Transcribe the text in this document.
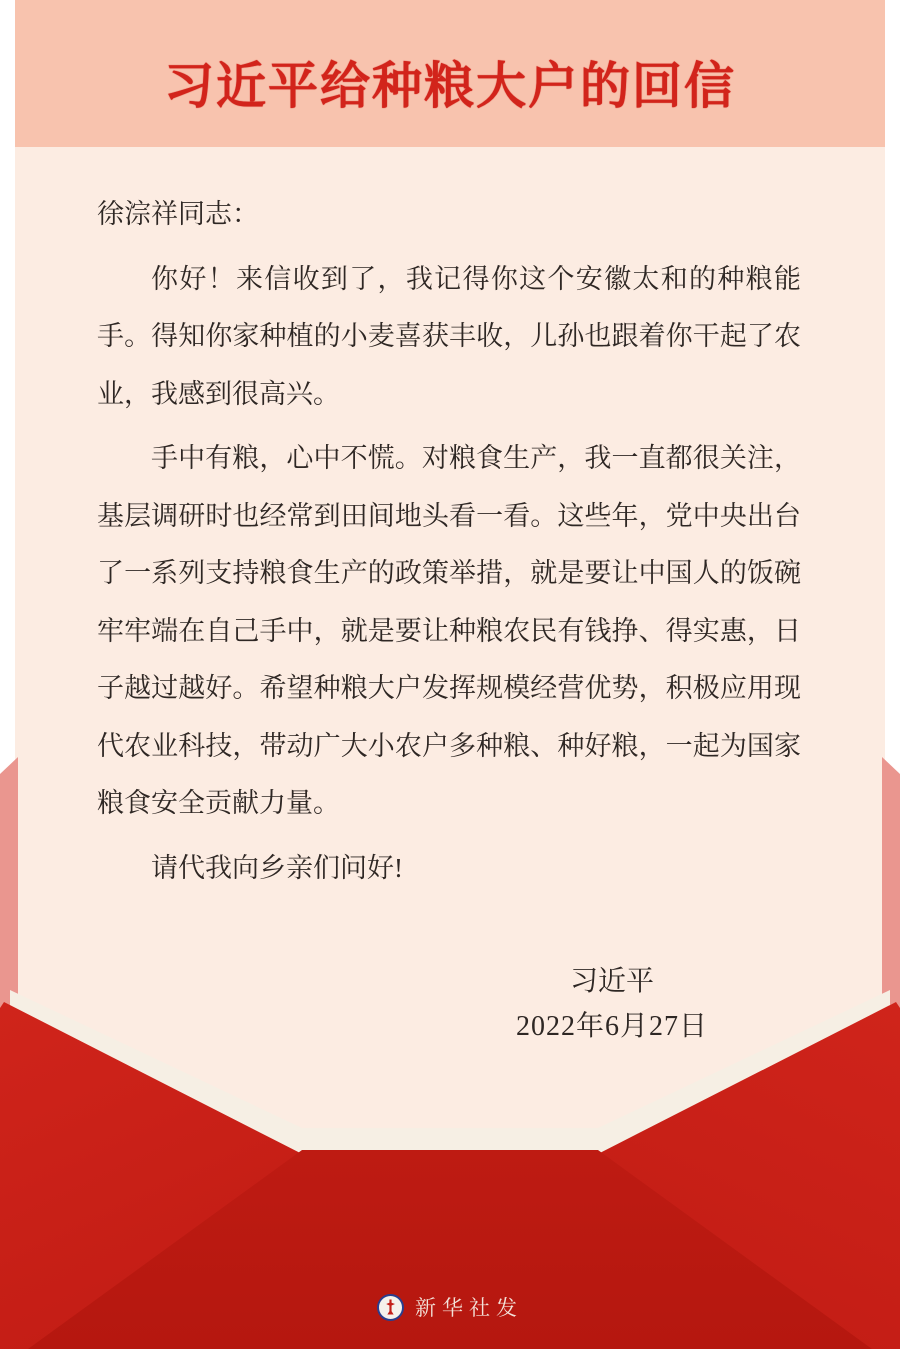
习近平给种粮大户的回信

徐淙祥同志：

你好！来信收到了，我记得你这个安徽太和的种粮能手。得知你家种植的小麦喜获丰收，儿孙也跟着你干起了农业，我感到很高兴。

手中有粮，心中不慌。对粮食生产，我一直都很关注，基层调研时也经常到田间地头看一看。这些年，党中央出台了一系列支持粮食生产的政策举措，就是要让中国人的饭碗牢牢端在自己手中，就是要让种粮农民有钱挣、得实惠，日子越过越好。希望种粮大户发挥规模经营优势，积极应用现代农业科技，带动广大小农户多种粮、种好粮，一起为国家粮食安全贡献力量。

请代我向乡亲们问好!

习近平
2022年6月27日
新华社发
